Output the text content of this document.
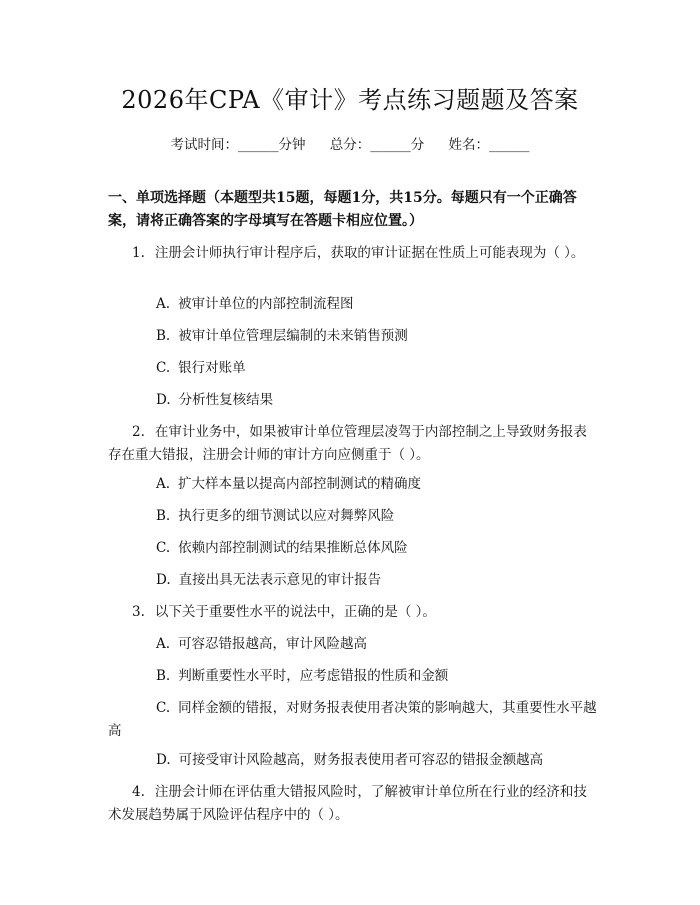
2026年CPA《审计》考点练习题题及答案
考试时间：______分钟 总分：______分 姓名：______
一、单项选择题（本题型共15题，每题1分，共15分。每题只有一个正确答案，请将正确答案的字母填写在答题卡相应位置。）
1. 注册会计师执行审计程序后，获取的审计证据在性质上可能表现为（ ）。
A. 被审计单位的内部控制流程图
B. 被审计单位管理层编制的未来销售预测
C. 银行对账单
D. 分析性复核结果
2. 在审计业务中，如果被审计单位管理层凌驾于内部控制之上导致财务报表存在重大错报，注册会计师的审计方向应侧重于（ ）。
A. 扩大样本量以提高内部控制测试的精确度
B. 执行更多的细节测试以应对舞弊风险
C. 依赖内部控制测试的结果推断总体风险
D. 直接出具无法表示意见的审计报告
3. 以下关于重要性水平的说法中，正确的是（ ）。
A. 可容忍错报越高，审计风险越高
B. 判断重要性水平时，应考虑错报的性质和金额
C. 同样金额的错报，对财务报表使用者决策的影响越大，其重要性水平越高
D. 可接受审计风险越高，财务报表使用者可容忍的错报金额越高
4. 注册会计师在评估重大错报风险时，了解被审计单位所在行业的经济和技术发展趋势属于风险评估程序中的（ ）。
